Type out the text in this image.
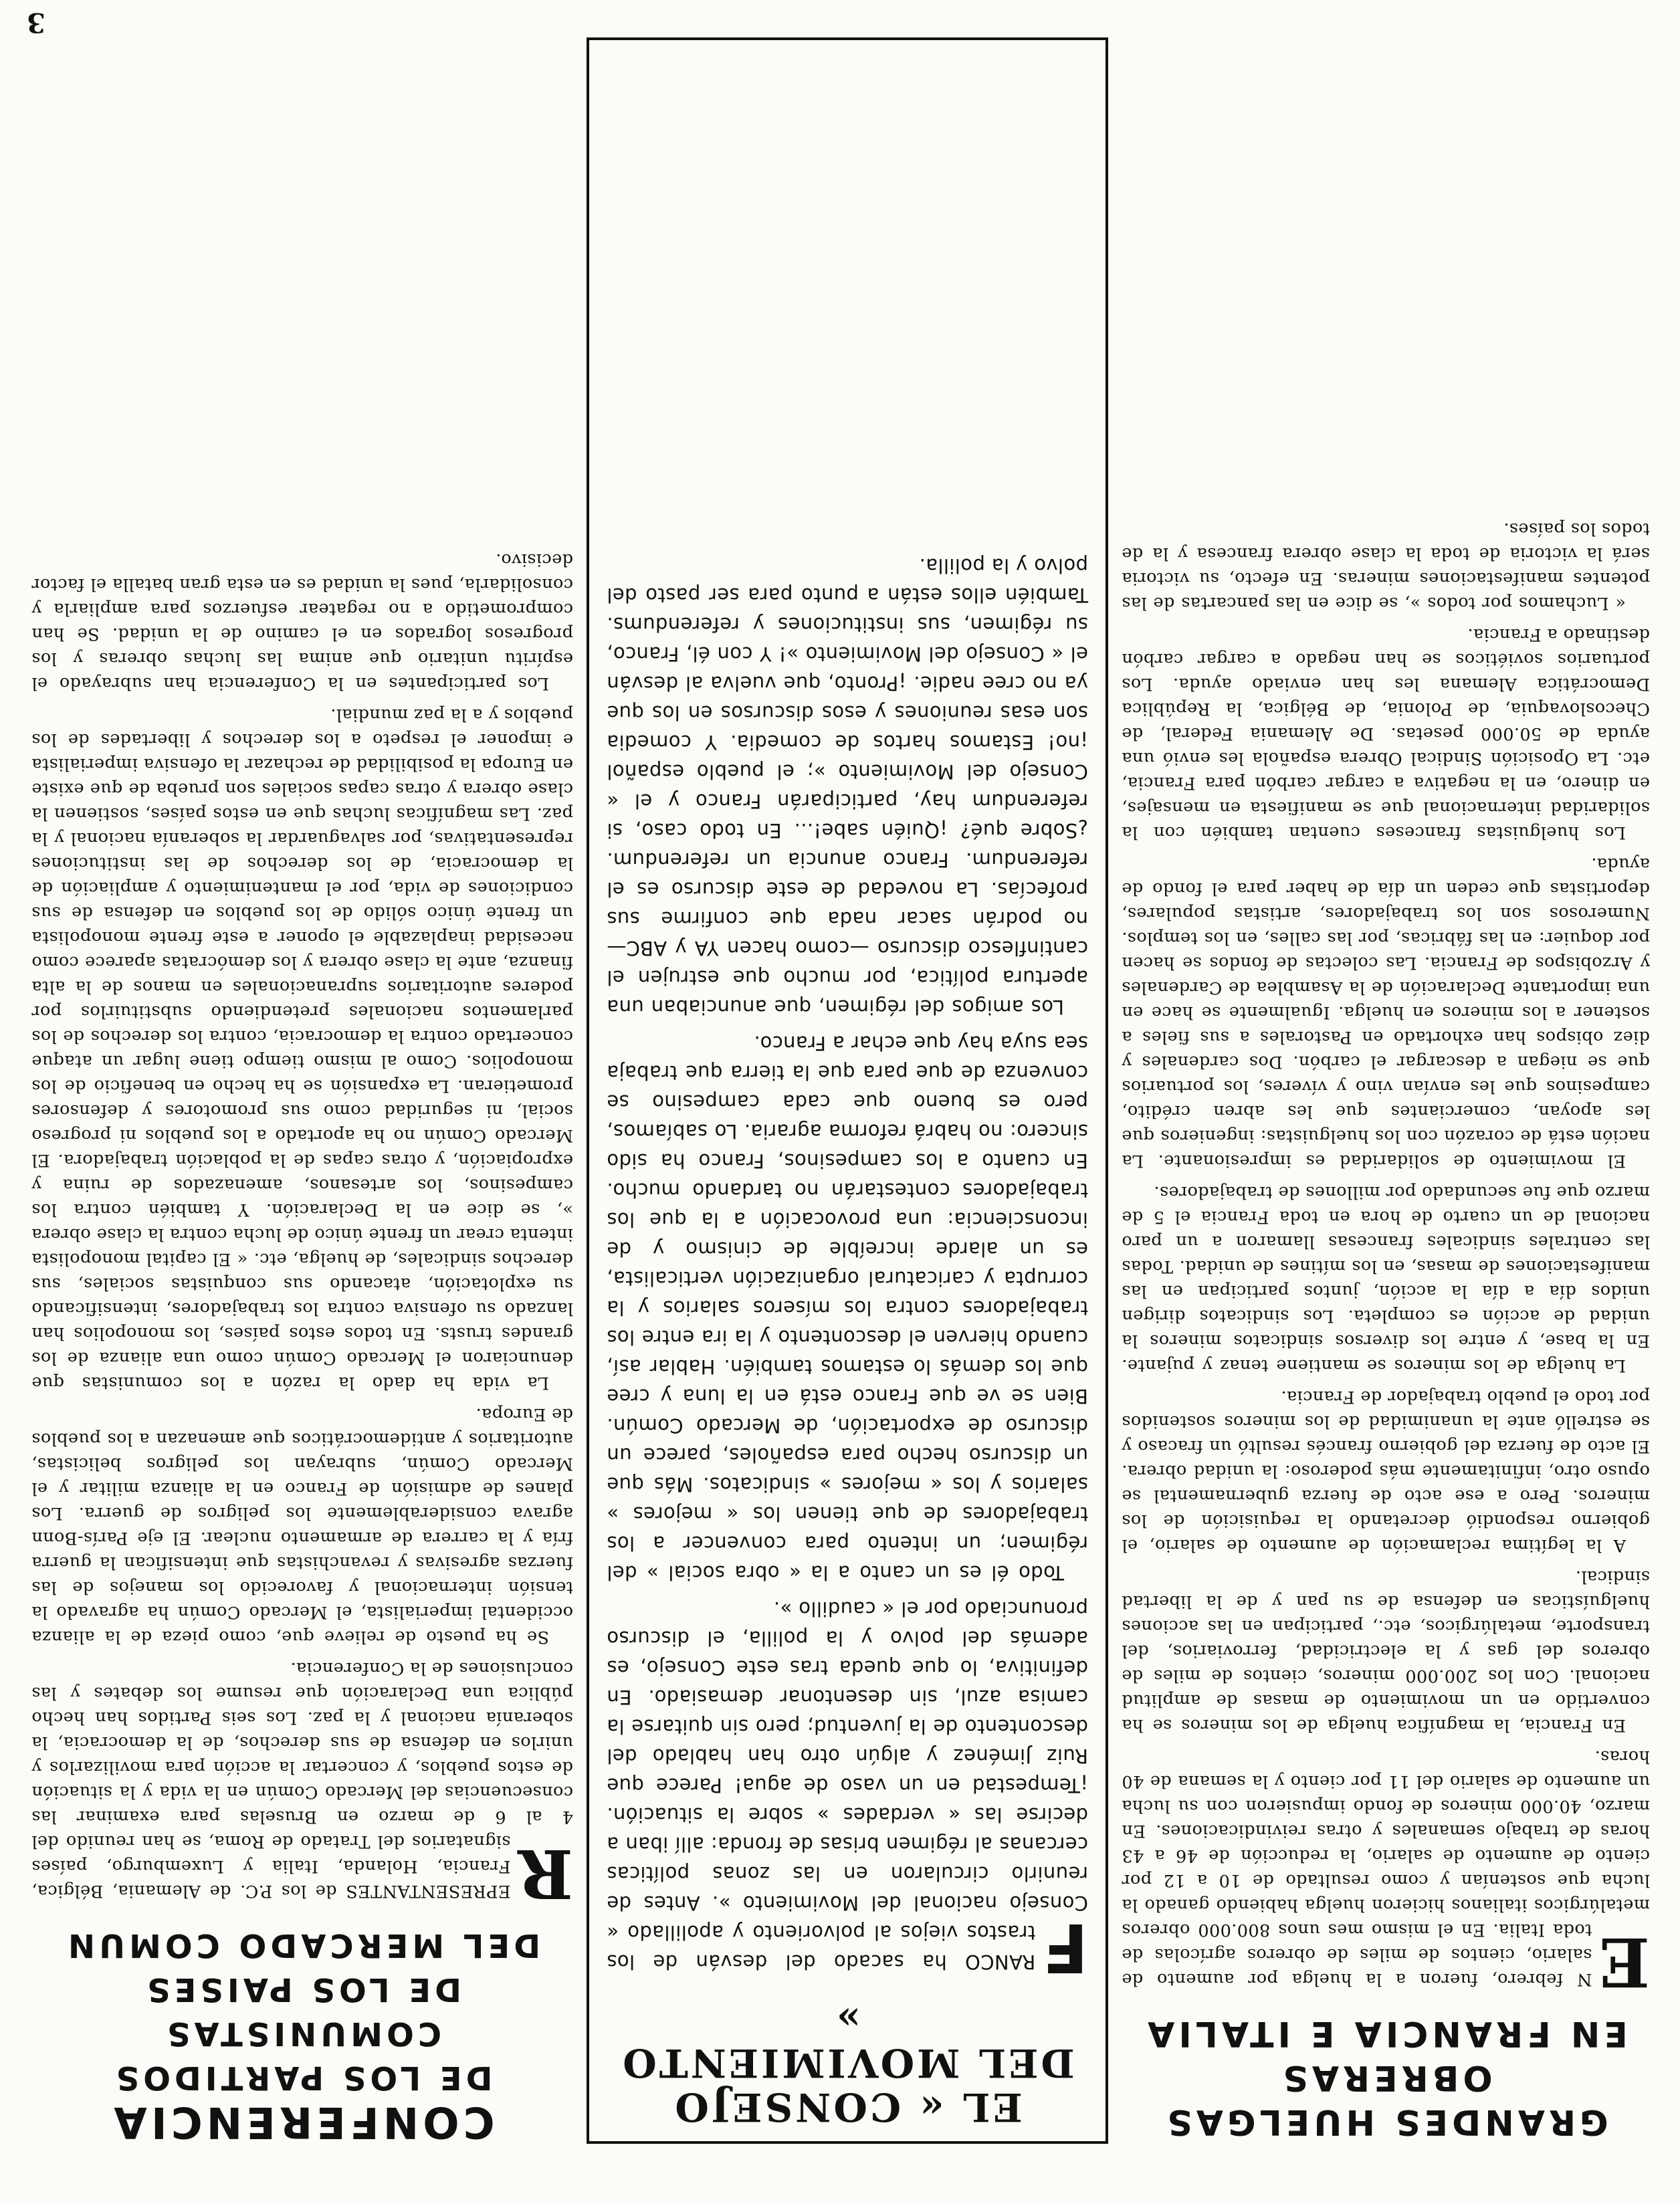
CONFERENCIA
DE LOS PARTIDOS COMUNISTAS
DE LOS PAISES
DEL MERCADO COMUN

R
EPRESENTANTES de los P.C. de Alemania, Bélgica, Francia, Holanda, Italia y Luxemburgo, países signatarios del Tratado de Roma, se han reunido del 4 al 6 de marzo en Bruselas para examinar las consecuencias del Mercado Común en la vida y la situación de estos pueblos, y concertar la acción para movilizarlos y unirlos en defensa de sus derechos, de la democracia, la soberanía nacional y la paz. Los seis Partidos han hecho pública una Declaración que resume los debates y las conclusiones de la Conferencia.

Se ha puesto de relieve que, como pieza de la alianza occidental imperialista, el Mercado Común ha agravado la tensión internacional y favorecido los manejos de las fuerzas agresivas y revanchistas que intensifican la guerra fría y la carrera de armamento nuclear. El eje París-Bonn agrava considerablemente los peligros de guerra. Los planes de admisión de Franco en la alianza militar y el Mercado Común, subrayan los peligros belicistas, autoritarios y antidemocráticos que amenazan a los pueblos de Europa.

La vida ha dado la razón a los comunistas que denunciaron el Mercado Común como una alianza de los grandes trusts. En todos estos países, los monopolios han lanzado su ofensiva contra los trabajadores, intensificando su explotación, atacando sus conquistas sociales, sus derechos sindicales, de huelga, etc. « El capital monopolista intenta crear un frente único de lucha contra la clase obrera », se dice en la Declaración. Y también contra los campesinos, los artesanos, amenazados de ruina y expropiación, y otras capas de la población trabajadora. El Mercado Común no ha aportado a los pueblos ni progreso social, ni seguridad como sus promotores y defensores prometieran. La expansión se ha hecho en beneficio de los monopolios. Como al mismo tiempo tiene lugar un ataque concertado contra la democracia, contra los derechos de los parlamentos nacionales pretendiendo substituirlos por poderes autoritarios supranacionales en manos de la alta finanza, ante la clase obrera y los demócratas aparece como necesidad inaplazable el oponer a este frente monopolista un frente único sólido de los pueblos en defensa de sus condiciones de vida, por el mantenimiento y ampliación de la democracia, de los derechos de las instituciones representativas, por salvaguardar la soberanía nacional y la paz. Las magníficas luchas que en estos países, sostienen la clase obrera y otras capas sociales son prueba de que existe en Europa la posibilidad de rechazar la ofensiva imperialista e imponer el respeto a los derechos y libertades de los pueblos y a la paz mundial.

Los participantes en la Conferencia han subrayado el espíritu unitario que anima las luchas obreras y los progresos logrados en el camino de la unidad. Se han comprometido a no regatear esfuerzos para ampliarla y consolidarla, pues la unidad es en esta gran batalla el factor decisivo.

EL « CONSEJO
DEL MOVIMIENTO »

F
RANCO ha sacado del desván de los trastos viejos al polvoriento y apolillado « Consejo nacional del Movimiento ». Antes de reunirlo circularon en las zonas políticas cercanas al régimen brisas de fronda: allí iban a decirse las « verdades » sobre la situación. ¡Tempestad en un vaso de agua! Parece que Ruiz Jiménez y algún otro han hablado del descontento de la juventud; pero sin quitarse la camisa azul, sin desentonar demasiado. En definitiva, lo que queda tras este Consejo, es además del polvo y la polilla, el discurso pronunciado por el « caudillo ».

Todo él es un canto a la « obra social » del régimen; un intento para convencer a los trabajadores de que tienen los « mejores » salarios y los « mejores » sindicatos. Más que un discurso hecho para españoles, parece un discurso de exportación, de Mercado Común. Bien se ve que Franco está en la luna y cree que los demás lo estamos también. Hablar así, cuando hierven el descontento y la ira entre los trabajadores contra los míseros salarios y la corrupta y caricatural organización verticalista, es un alarde increíble de cinismo y de inconsciencia: una provocación a la que los trabajadores contestarán no tardando mucho. En cuanto a los campesinos, Franco ha sido sincero: no habrá reforma agraria. Lo sabíamos, pero es bueno que cada campesino se convenza de que para que la tierra que trabaja sea suya hay que echar a Franco.

Los amigos del régimen, que anunciaban una apertura política, por mucho que estrujen el cantinflesco discurso —como hacen YA y ABC— no podrán sacar nada que confirme sus profecías. La novedad de este discurso es el referendum. Franco anuncia un referendum. ¿Sobre qué? ¡Quién sabe!... En todo caso, si referendum hay, participarán Franco y el « Consejo del Movimiento »; el pueblo español ¡no! Estamos hartos de comedia. Y comedia son esas reuniones y esos discursos en los que ya no cree nadie. ¡Pronto, que vuelva al desván el « Consejo del Movimiento »! Y con él, Franco, su régimen, sus instituciones y referendums. También ellos están a punto para ser pasto del polvo y la polilla.

GRANDES HUELGAS OBRERAS
EN FRANCIA E ITALIA

E
N febrero, fueron a la huelga por aumento de salario, cientos de miles de obreros agrícolas de toda Italia. En el mismo mes unos 800.000 obreros metalúrgicos italianos hicieron huelga habiendo ganado la lucha que sostenían y como resultado de 10 a 12 por ciento de aumento de salario, la reducción de 46 a 43 horas de trabajo semanales y otras reivindicaciones. En marzo, 40.000 mineros de fondo impusieron con su lucha un aumento de salario del 11 por ciento y la semana de 40 horas.

En Francia, la magnífica huelga de los mineros se ha convertido en un movimiento de masas de amplitud nacional. Con los 200.000 mineros, cientos de miles de obreros del gas y la electricidad, ferroviarios, del transporte, metalúrgicos, etc., participan en las acciones huelguísticas en defensa de su pan y de la libertad sindical.

A la legítima reclamación de aumento de salario, el gobierno respondió decretando la requisición de los mineros. Pero a ese acto de fuerza gubernamental se opuso otro, infinitamente más poderoso: la unidad obrera. El acto de fuerza del gobierno francés resultó un fracaso y se estrelló ante la unanimidad de los mineros sostenidos por todo el pueblo trabajador de Francia.

La huelga de los mineros se mantiene tenaz y pujante. En la base, y entre los diversos sindicatos mineros la unidad de acción es completa. Los sindicatos dirigen unidos día a día la acción, juntos participan en las manifestaciones de masas, en los mítines de unidad. Todas las centrales sindicales francesas llamaron a un paro nacional de un cuarto de hora en toda Francia el 5 de marzo que fue secundado por millones de trabajadores.

El movimiento de solidaridad es impresionante. La nación está de corazón con los huelguistas: ingenieros que les apoyan, comerciantes que les abren crédito, campesinos que les envían vino y víveres, los portuarios que se niegan a descargar el carbón. Dos cardenales y diez obispos han exhortado en Pastorales a sus fieles a sostener a los mineros en huelga. Igualmente se hace en una importante Declaración de la Asamblea de Cardenales y Arzobispos de Francia. Las colectas de fondos se hacen por doquier: en las fábricas, por las calles, en los templos. Numerosos son los trabajadores, artistas populares, deportistas que ceden un día de haber para el fondo de ayuda.

Los huelguistas franceses cuentan también con la solidaridad internacional que se manifiesta en mensajes, en dinero, en la negativa a cargar carbón para Francia, etc. La Oposición Sindical Obrera española les envió una ayuda de 50.000 pesetas. De Alemania Federal, de Checoslovaquia, de Polonia, de Bélgica, la República Democrática Alemana les han enviado ayuda. Los portuarios soviéticos se han negado a cargar carbón destinado a Francia.

« Luchamos por todos », se dice en las pancartas de las potentes manifestaciones mineras. En efecto, su victoria será la victoria de toda la clase obrera francesa y la de todos los países.

3
